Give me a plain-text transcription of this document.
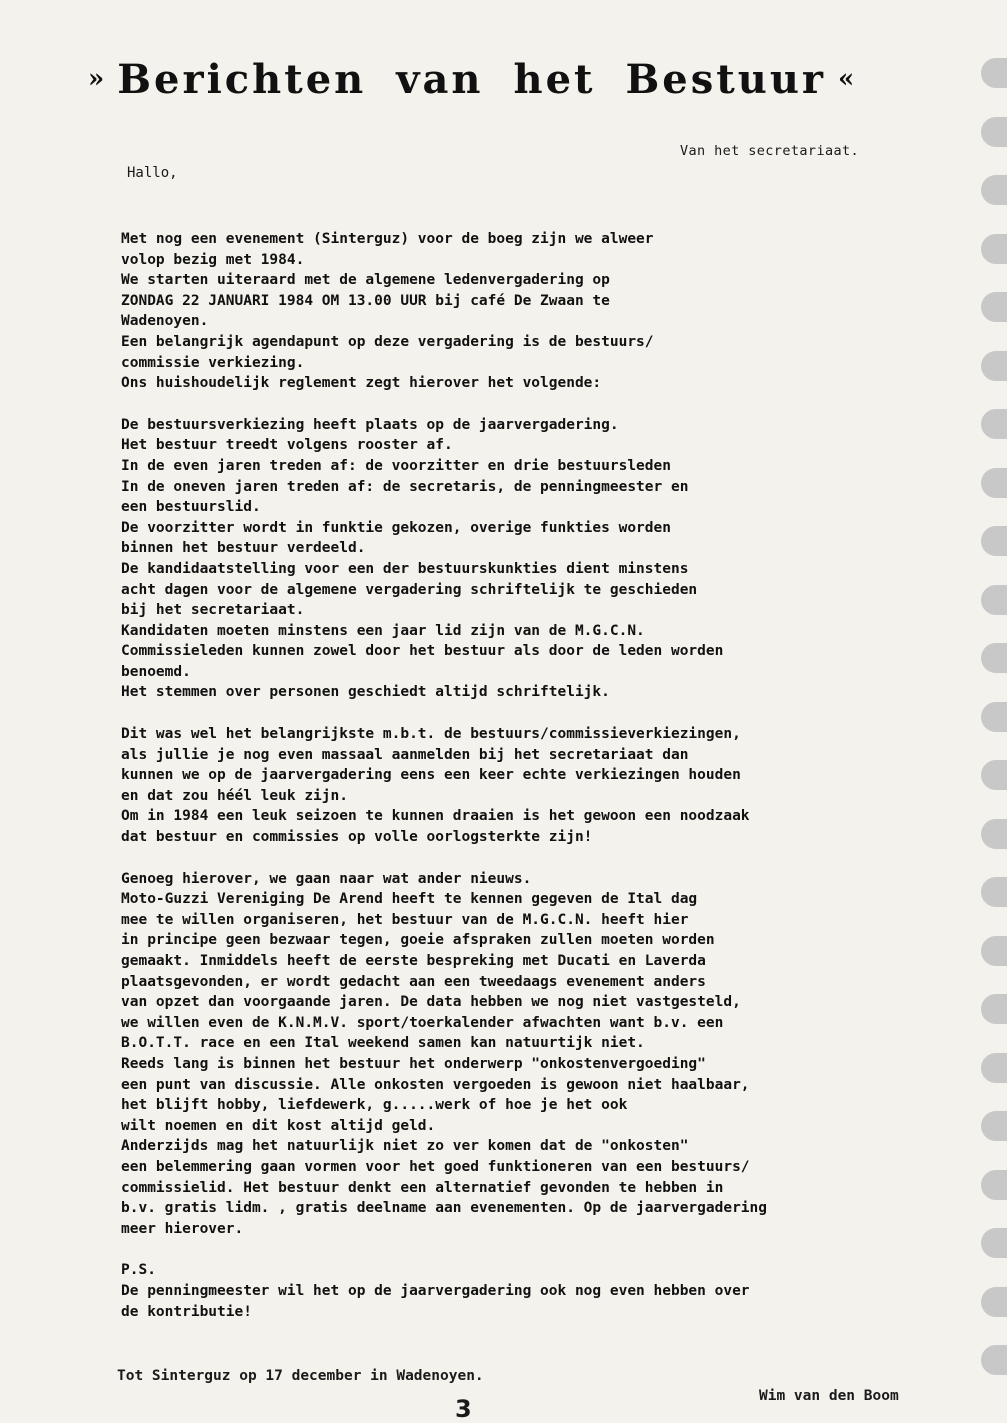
» Berichten van het Bestuur «
Van het secretariaat.
Hallo,
Met nog een evenement (Sinterguz) voor de boeg zijn we alweer
volop bezig met 1984.
We starten uiteraard met de algemene ledenvergadering op
ZONDAG 22 JANUARI 1984 OM 13.00 UUR bij café De Zwaan te
Wadenoyen.
Een belangrijk agendapunt op deze vergadering is de bestuurs/
commissie verkiezing.
Ons huishoudelijk reglement zegt hierover het volgende:
De bestuursverkiezing heeft plaats op de jaarvergadering.
Het bestuur treedt volgens rooster af.
In de even jaren treden af: de voorzitter en drie bestuursleden
In de oneven jaren treden af: de secretaris, de penningmeester en
een bestuurslid.
De voorzitter wordt in funktie gekozen, overige funkties worden
binnen het bestuur verdeeld.
De kandidaatstelling voor een der bestuurskunkties dient minstens
acht dagen voor de algemene vergadering schriftelijk te geschieden
bij het secretariaat.
Kandidaten moeten minstens een jaar lid zijn van de M.G.C.N.
Commissieleden kunnen zowel door het bestuur als door de leden worden
benoemd.
Het stemmen over personen geschiedt altijd schriftelijk.
Dit was wel het belangrijkste m.b.t. de bestuurs/commissieverkiezingen,
als jullie je nog even massaal aanmelden bij het secretariaat dan
kunnen we op de jaarvergadering eens een keer echte verkiezingen houden
en dat zou héél leuk zijn.
Om in 1984 een leuk seizoen te kunnen draaien is het gewoon een noodzaak
dat bestuur en commissies op volle oorlogsterkte zijn!
Genoeg hierover, we gaan naar wat ander nieuws.
Moto-Guzzi Vereniging De Arend heeft te kennen gegeven de Ital dag
mee te willen organiseren, het bestuur van de M.G.C.N. heeft hier
in principe geen bezwaar tegen, goeie afspraken zullen moeten worden
gemaakt. Inmiddels heeft de eerste bespreking met Ducati en Laverda
plaatsgevonden, er wordt gedacht aan een tweedaags evenement anders
van opzet dan voorgaande jaren. De data hebben we nog niet vastgesteld,
we willen even de K.N.M.V. sport/toerkalender afwachten want b.v. een
B.O.T.T. race en een Ital weekend samen kan natuurtijk niet.
Reeds lang is binnen het bestuur het onderwerp "onkostenvergoeding"
een punt van discussie. Alle onkosten vergoeden is gewoon niet haalbaar,
het blijft hobby, liefdewerk, g.....werk of hoe je het ook
wilt noemen en dit kost altijd geld.
Anderzijds mag het natuurlijk niet zo ver komen dat de "onkosten"
een belemmering gaan vormen voor het goed funktioneren van een bestuurs/
commissielid. Het bestuur denkt een alternatief gevonden te hebben in
b.v. gratis lidm. , gratis deelname aan evenementen. Op de jaarvergadering
meer hierover.
P.S.
De penningmeester wil het op de jaarvergadering ook nog even hebben over
de kontributie!
Tot Sinterguz op 17 december in Wadenoyen.
Wim van den Boom
3
